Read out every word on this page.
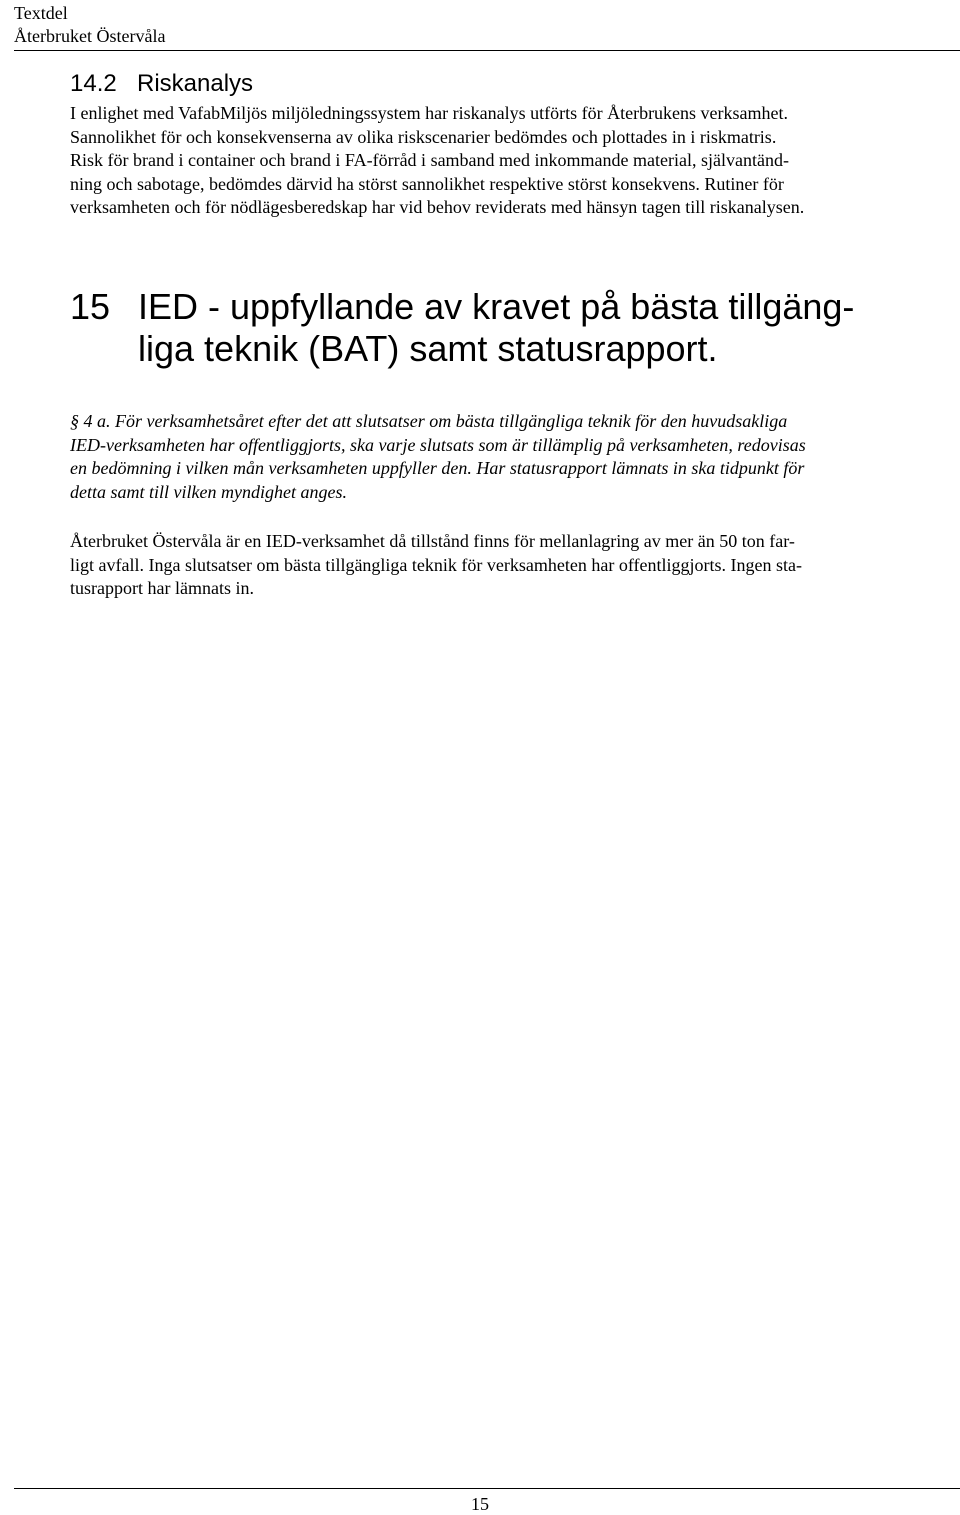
Textdel
Återbruket Östervåla
14.2 Riskanalys
I enlighet med VafabMiljös miljöledningssystem har riskanalys utförts för Återbrukens verksamhet.
Sannolikhet för och konsekvenserna av olika riskscenarier bedömdes och plottades in i riskmatris.
Risk för brand i container och brand i FA-förråd i samband med inkommande material, självantänd-
ning och sabotage, bedömdes därvid ha störst sannolikhet respektive störst konsekvens. Rutiner för
verksamheten och för nödlägesberedskap har vid behov reviderats med hänsyn tagen till riskanalysen.
15 IED - uppfyllande av kravet på bästa tillgäng-
liga teknik (BAT) samt statusrapport.
§ 4 a. För verksamhetsåret efter det att slutsatser om bästa tillgängliga teknik för den huvudsakliga
IED-verksamheten har offentliggjorts, ska varje slutsats som är tillämplig på verksamheten, redovisas
en bedömning i vilken mån verksamheten uppfyller den. Har statusrapport lämnats in ska tidpunkt för
detta samt till vilken myndighet anges.
Återbruket Östervåla är en IED-verksamhet då tillstånd finns för mellanlagring av mer än 50 ton far-
ligt avfall. Inga slutsatser om bästa tillgängliga teknik för verksamheten har offentliggjorts. Ingen sta-
tusrapport har lämnats in.
15
